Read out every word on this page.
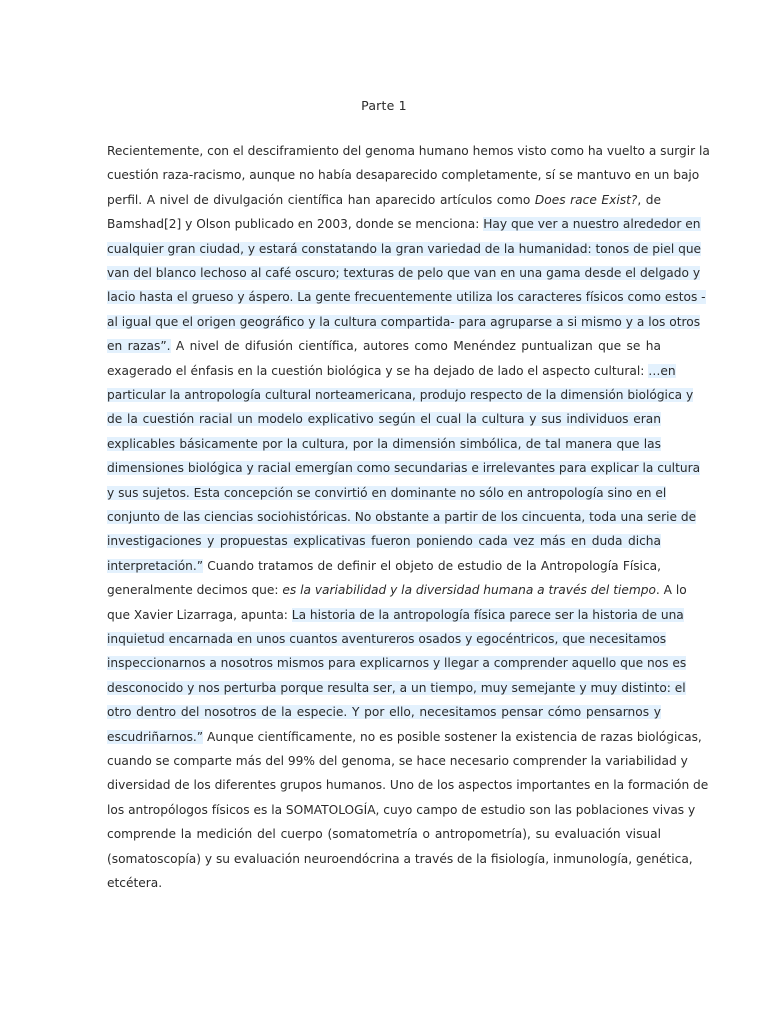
Parte 1
Recientemente, con el desciframiento del genoma humano hemos visto como ha vuelto a surgir la
cuestión raza-racismo, aunque no había desaparecido completamente, sí se mantuvo en un bajo
perfil. A nivel de divulgación científica han aparecido artículos como Does race Exist?, de
Bamshad[2] y Olson publicado en 2003, donde se menciona: Hay que ver a nuestro alrededor en
cualquier gran ciudad, y estará constatando la gran variedad de la humanidad: tonos de piel que
van del blanco lechoso al café oscuro; texturas de pelo que van en una gama desde el delgado y
lacio hasta el grueso y áspero. La gente frecuentemente utiliza los caracteres físicos como estos -
al igual que el origen geográfico y la cultura compartida- para agruparse a si mismo y a los otros
en razas”. A nivel de difusión científica, autores como Menéndez puntualizan que se ha
exagerado el énfasis en la cuestión biológica y se ha dejado de lado el aspecto cultural: …en
particular la antropología cultural norteamericana, produjo respecto de la dimensión biológica y
de la cuestión racial un modelo explicativo según el cual la cultura y sus individuos eran
explicables básicamente por la cultura, por la dimensión simbólica, de tal manera que las
dimensiones biológica y racial emergían como secundarias e irrelevantes para explicar la cultura
y sus sujetos. Esta concepción se convirtió en dominante no sólo en antropología sino en el
conjunto de las ciencias sociohistóricas. No obstante a partir de los cincuenta, toda una serie de
investigaciones y propuestas explicativas fueron poniendo cada vez más en duda dicha
interpretación.” Cuando tratamos de definir el objeto de estudio de la Antropología Física,
generalmente decimos que: es la variabilidad y la diversidad humana a través del tiempo. A lo
que Xavier Lizarraga, apunta: La historia de la antropología física parece ser la historia de una
inquietud encarnada en unos cuantos aventureros osados y egocéntricos, que necesitamos
inspeccionarnos a nosotros mismos para explicarnos y llegar a comprender aquello que nos es
desconocido y nos perturba porque resulta ser, a un tiempo, muy semejante y muy distinto: el
otro dentro del nosotros de la especie. Y por ello, necesitamos pensar cómo pensarnos y
escudriñarnos.” Aunque científicamente, no es posible sostener la existencia de razas biológicas,
cuando se comparte más del 99% del genoma, se hace necesario comprender la variabilidad y
diversidad de los diferentes grupos humanos. Uno de los aspectos importantes en la formación de
los antropólogos físicos es la SOMATOLOGÍA, cuyo campo de estudio son las poblaciones vivas y
comprende la medición del cuerpo (somatometría o antropometría), su evaluación visual
(somatoscopía) y su evaluación neuroendócrina a través de la fisiología, inmunología, genética,
etcétera.
